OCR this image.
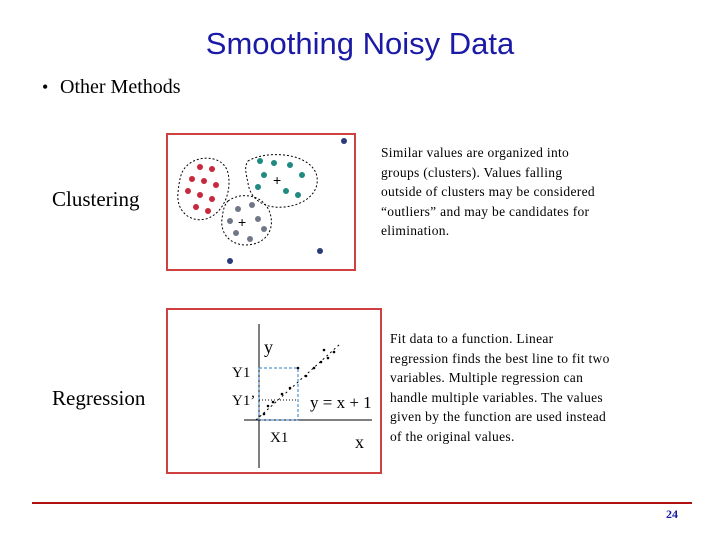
Smoothing Noisy Data
• Other Methods
Clustering
+
+
Similar values are organized into
groups (clusters). Values falling
outside of clusters may be considered
“outliers” and may be candidates for
elimination.
Regression
y
Y1
Y1’	y = x + 1
X1	x
Fit data to a function. Linear
regression finds the best line to fit two
variables. Multiple regression can
handle multiple variables. The values
given by the function are used instead
of the original values.
24
